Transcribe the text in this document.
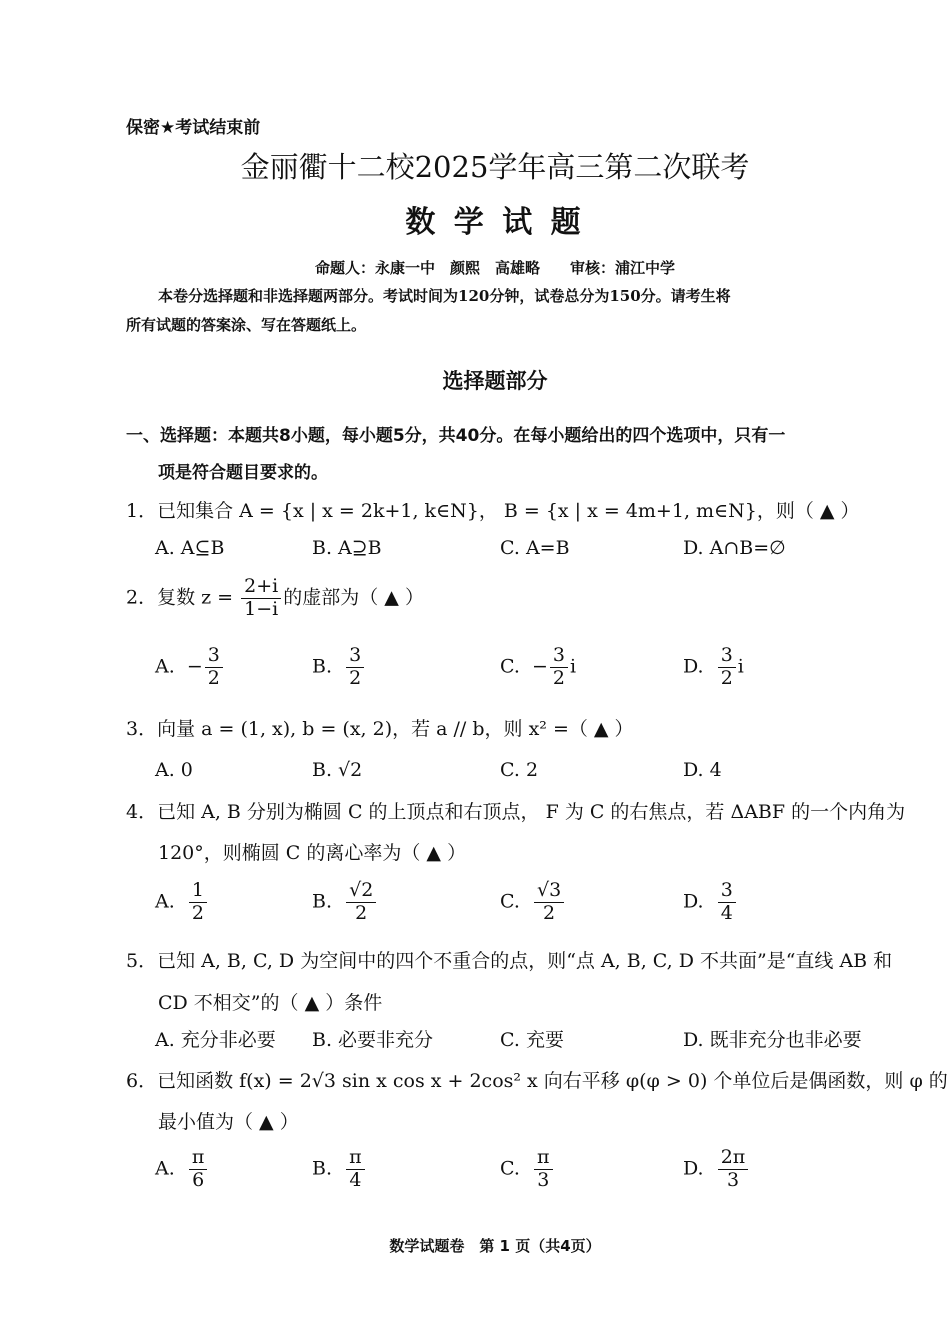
保密★考试结束前
金丽衢十二校2025学年高三第二次联考
数 学 试 题
命题人：永康一中　颜熙　高雄略　　审核：浦江中学
本卷分选择题和非选择题两部分。考试时间为120分钟，试卷总分为150分。请考生将
所有试题的答案涂、写在答题纸上。
选择题部分
一、选择题：本题共8小题，每小题5分，共40分。在每小题给出的四个选项中，只有一
项是符合题目要求的。
1．已知集合 A = {x | x = 2k+1, k∈N}， B = {x | x = 4m+1, m∈N}，则（ ▲ ）
A. A⊆B	B. A⊇B	C. A=B	D. A∩B=∅
2．复数 $z = \frac{2+i}{1-i}$ 的虚部为（ ▲ ）
A. − $\frac{3}{2}$	B. $\frac{3}{2}$	C. − $\frac{3}{2}$ i	D. $\frac{3}{2}$ i
3．向量 a = (1, x), b = (x, 2)，若 a // b，则 x² =（ ▲ ）
A. 0	B. √2	C. 2	D. 4
4．已知 A, B 分别为椭圆 C 的上顶点和右顶点， F 为 C 的右焦点，若 ΔABF 的一个内角为
120°，则椭圆 C 的离心率为（ ▲ ）
A. $\frac{1}{2}$	B. $\frac{√2}{2}$	C. $\frac{√3}{2}$	D. $\frac{3}{4}$
5．已知 A, B, C, D 为空间中的四个不重合的点，则“点 A, B, C, D 不共面”是“直线 AB 和
CD 不相交”的（ ▲ ）条件
A. 充分非必要 B. 必要非充分	C. 充要	D. 既非充分也非必要
6．已知函数 f(x) = 2√3 sin x cos x + 2cos² x 向右平移 φ(φ > 0) 个单位后是偶函数，则 φ 的
最小值为（ ▲ ）
A. $\frac{\pi}{6}$	B. $\frac{\pi}{4}$	C. $\frac{\pi}{3}$	D. $\frac{2\pi}{3}$
数学试题卷　第 1 页（共4页）
